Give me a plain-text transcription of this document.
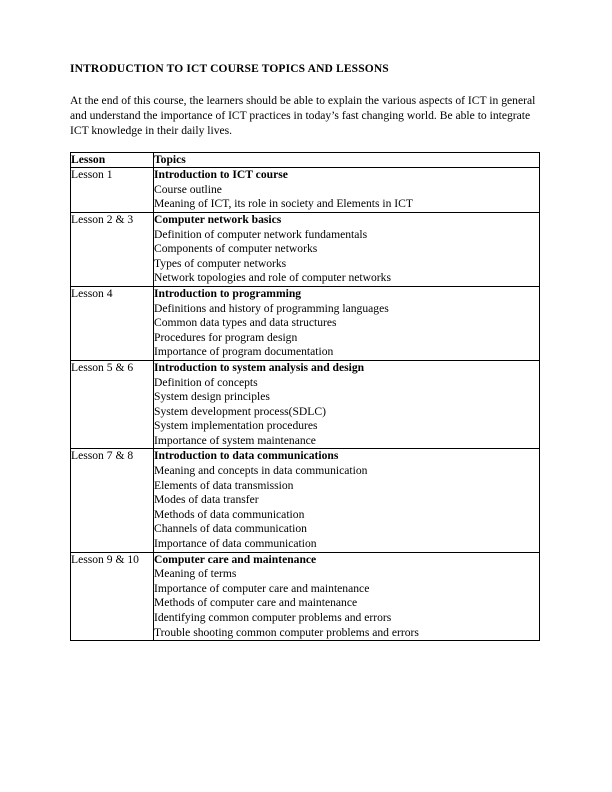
INTRODUCTION TO ICT COURSE TOPICS AND LESSONS

At the end of this course, the learners should be able to explain the various aspects of ICT in general and understand the importance of ICT practices in today’s fast changing world. Be able to integrate ICT knowledge in their daily lives.

Lesson	Topics

Lesson 1	Introduction to ICT course
Course outline
Meaning of ICT, its role in society and Elements in ICT

Lesson 2 & 3	Computer network basics
Definition of computer network fundamentals
Components of computer networks
Types of computer networks
Network topologies and role of computer networks

Lesson 4	Introduction to programming
Definitions and history of programming languages
Common data types and data structures
Procedures for program design
Importance of program documentation

Lesson 5 & 6	Introduction to system analysis and design
Definition of concepts
System design principles
System development process(SDLC)
System implementation procedures
Importance of system maintenance

Lesson 7 & 8	Introduction to data communications
Meaning and concepts in data communication
Elements of data transmission
Modes of data transfer
Methods of data communication
Channels of data communication
Importance of data communication

Lesson 9 & 10	Computer care and maintenance
Meaning of terms
Importance of computer care and maintenance
Methods of computer care and maintenance
Identifying common computer problems and errors
Trouble shooting common computer problems and errors
